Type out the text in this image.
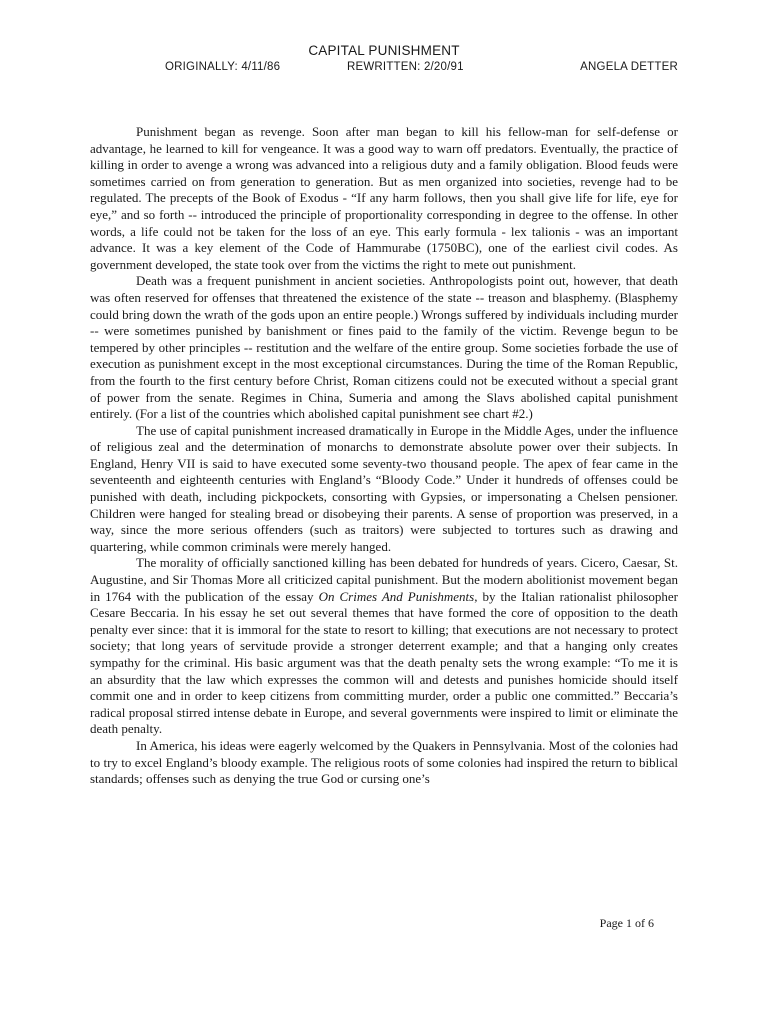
CAPITAL PUNISHMENT
ORIGINALLY: 4/11/86	REWRITTEN: 2/20/91	ANGELA DETTER

Punishment began as revenge. Soon after man began to kill his fellow-man for self-defense or advantage, he learned to kill for vengeance. It was a good way to warn off predators. Eventually, the practice of killing in order to avenge a wrong was advanced into a religious duty and a family obligation. Blood feuds were sometimes carried on from generation to generation. But as men organized into societies, revenge had to be regulated. The precepts of the Book of Exodus - “If any harm follows, then you shall give life for life, eye for eye,” and so forth -- introduced the principle of proportionality corresponding in degree to the offense. In other words, a life could not be taken for the loss of an eye. This early formula - lex talionis - was an important advance. It was a key element of the Code of Hammurabe (1750BC), one of the earliest civil codes. As government developed, the state took over from the victims the right to mete out punishment.

Death was a frequent punishment in ancient societies. Anthropologists point out, however, that death was often reserved for offenses that threatened the existence of the state -- treason and blasphemy. (Blasphemy could bring down the wrath of the gods upon an entire people.) Wrongs suffered by individuals including murder -- were sometimes punished by banishment or fines paid to the family of the victim. Revenge begun to be tempered by other principles -- restitution and the welfare of the entire group. Some societies forbade the use of execution as punishment except in the most exceptional circumstances. During the time of the Roman Republic, from the fourth to the first century before Christ, Roman citizens could not be executed without a special grant of power from the senate. Regimes in China, Sumeria and among the Slavs abolished capital punishment entirely. (For a list of the countries which abolished capital punishment see chart #2.)

The use of capital punishment increased dramatically in Europe in the Middle Ages, under the influence of religious zeal and the determination of monarchs to demonstrate absolute power over their subjects. In England, Henry VII is said to have executed some seventy-two thousand people. The apex of fear came in the seventeenth and eighteenth centuries with England’s “Bloody Code.” Under it hundreds of offenses could be punished with death, including pickpockets, consorting with Gypsies, or impersonating a Chelsen pensioner. Children were hanged for stealing bread or disobeying their parents. A sense of proportion was preserved, in a way, since the more serious offenders (such as traitors) were subjected to tortures such as drawing and quartering, while common criminals were merely hanged.

The morality of officially sanctioned killing has been debated for hundreds of years. Cicero, Caesar, St. Augustine, and Sir Thomas More all criticized capital punishment. But the modern abolitionist movement began in 1764 with the publication of the essay On Crimes And Punishments, by the Italian rationalist philosopher Cesare Beccaria. In his essay he set out several themes that have formed the core of opposition to the death penalty ever since: that it is immoral for the state to resort to killing; that executions are not necessary to protect society; that long years of servitude provide a stronger deterrent example; and that a hanging only creates sympathy for the criminal. His basic argument was that the death penalty sets the wrong example: “To me it is an absurdity that the law which expresses the common will and detests and punishes homicide should itself commit one and in order to keep citizens from committing murder, order a public one committed.” Beccaria’s radical proposal stirred intense debate in Europe, and several governments were inspired to limit or eliminate the death penalty.

In America, his ideas were eagerly welcomed by the Quakers in Pennsylvania. Most of the colonies had to try to excel England’s bloody example. The religious roots of some colonies had inspired the return to biblical standards; offenses such as denying the true God or cursing one’s

Page 1 of 6
